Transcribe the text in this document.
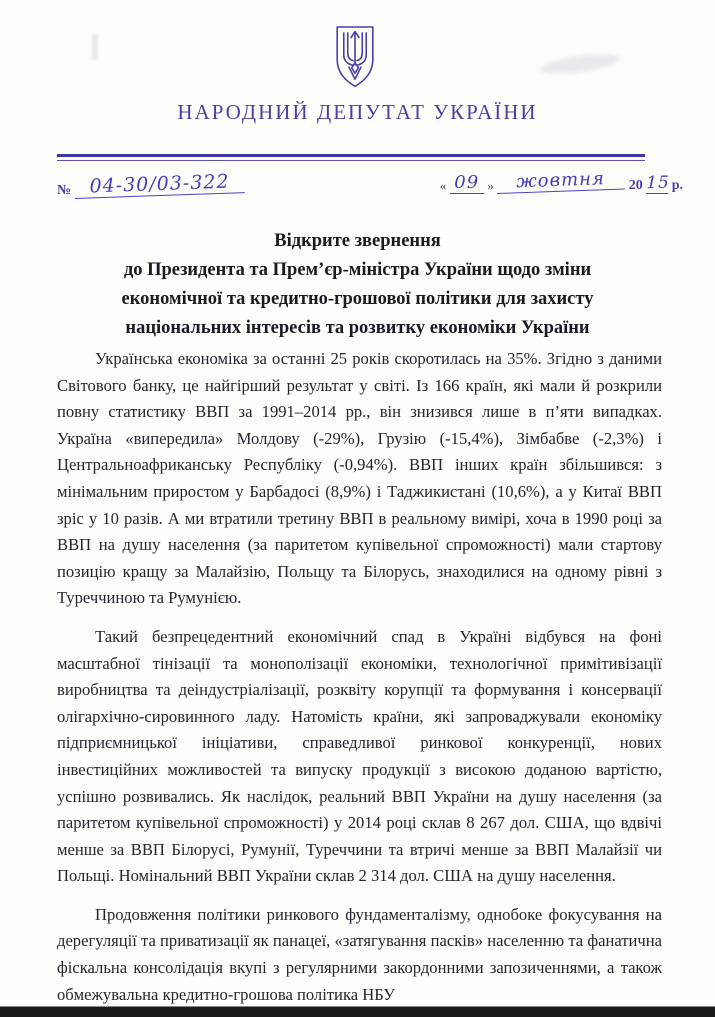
НАРОДНИЙ ДЕПУТАТ УКРАЇНИ
№ 04-30/03-322	« 09 » жовтня 20 15 р.
Відкрите звернення
до Президента та Прем’єр-міністра України щодо зміни
економічної та кредитно-грошової політики для захисту
національних інтересів та розвитку економіки України

Українська економіка за останні 25 років скоротилась на 35%. Згідно з даними Світового банку, це найгірший результат у світі. Із 166 країн, які мали й розкрили повну статистику ВВП за 1991–2014 рр., він знизився лише в п’яти випадках. Україна «випередила» Молдову (-29%), Грузію (-15,4%), Зімбабве (-2,3%) і Центральноафриканську Республіку (-0,94%). ВВП інших країн збільшився: з мінімальним приростом у Барбадосі (8,9%) і Таджикистані (10,6%), а у Китаї ВВП зріс у 10 разів. А ми втратили третину ВВП в реальному вимірі, хоча в 1990 році за ВВП на душу населення (за паритетом купівельної спроможності) мали стартову позицію кращу за Малайзію, Польщу та Білорусь, знаходилися на одному рівні з Туреччиною та Румунією.

Такий безпрецедентний економічний спад в Україні відбувся на фоні масштабної тінізації та монополізації економіки, технологічної примітивізації виробництва та деіндустріалізації, розквіту корупції та формування і консервації олігархічно-сировинного ладу. Натомість країни, які запроваджували економіку підприємницької ініціативи, справедливої ринкової конкуренції, нових інвестиційних можливостей та випуску продукції з високою доданою вартістю, успішно розвивались. Як наслідок, реальний ВВП України на душу населення (за паритетом купівельної спроможності) у 2014 році склав 8 267 дол. США, що вдвічі менше за ВВП Білорусі, Румунії, Туреччини та втричі менше за ВВП Малайзії чи Польщі. Номінальний ВВП України склав 2 314 дол. США на душу населення.

Продовження політики ринкового фундаменталізму, однобоке фокусування на дерегуляції та приватизації як панацеї, «затягування пасків» населенню та фанатична фіскальна консолідація вкупі з регулярними закордонними запозиченнями, а також обмежувальна кредитно-грошова політика НБУ
